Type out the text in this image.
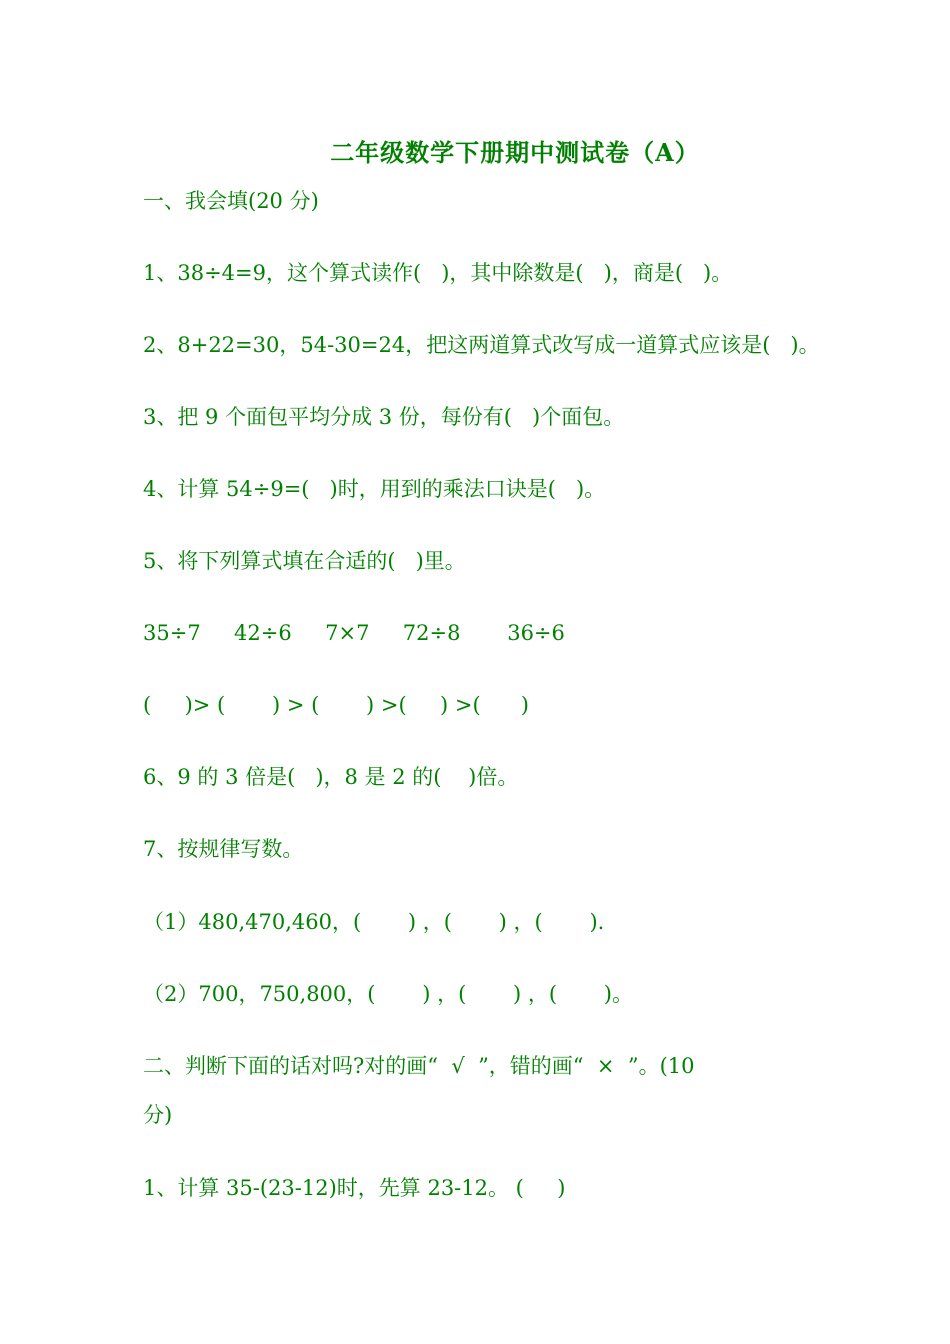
二年级数学下册期中测试卷（A）
一、我会填(20 分)
1、38÷4=9，这个算式读作(   )，其中除数是(   )，商是(   )。
2、8+22=30，54-30=24，把这两道算式改写成一道算式应该是(   )。
3、把 9 个面包平均分成 3 份，每份有(   )个面包。
4、计算 54÷9=(   )时，用到的乘法口诀是(   )。
5、将下列算式填在合适的(   )里。
35÷7     42÷6     7×7     72÷8       36÷6
(     )> (       ) > (       ) >(     ) >(      )
6、9 的 3 倍是(   )，8 是 2 的(    )倍。
7、按规律写数。
（1）480,470,460，(       ) ，(       ) ，(       ).
（2）700，750,800，(       ) ，(       ) ，(       )。
二、判断下面的话对吗?对的画“  √  ”，错的画“  ×  ”。(10
分)
1、计算 35-(23-12)时，先算 23-12。 (     )
